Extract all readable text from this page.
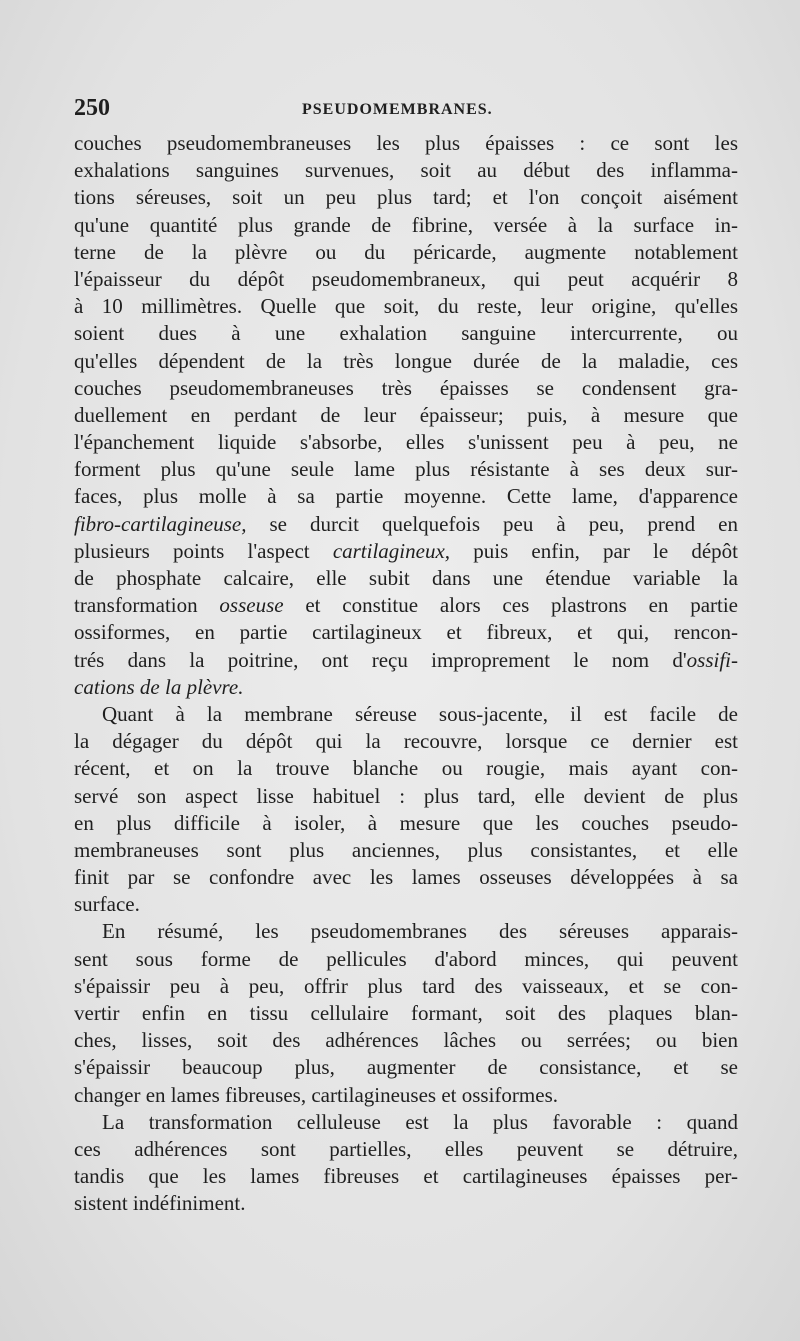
250	PSEUDOMEMBRANES.
couches pseudomembraneuses les plus épaisses : ce sont les
exhalations sanguines survenues, soit au début des inflamma-
tions séreuses, soit un peu plus tard; et l'on conçoit aisément
qu'une quantité plus grande de fibrine, versée à la surface in-
terne de la plèvre ou du péricarde, augmente notablement
l'épaisseur du dépôt pseudomembraneux, qui peut acquérir 8
à 10 millimètres. Quelle que soit, du reste, leur origine, qu'elles
soient dues à une exhalation sanguine intercurrente, ou
qu'elles dépendent de la très longue durée de la maladie, ces
couches pseudomembraneuses très épaisses se condensent gra-
duellement en perdant de leur épaisseur; puis, à mesure que
l'épanchement liquide s'absorbe, elles s'unissent peu à peu, ne
forment plus qu'une seule lame plus résistante à ses deux sur-
faces, plus molle à sa partie moyenne. Cette lame, d'apparence
fibro-cartilagineuse, se durcit quelquefois peu à peu, prend en
plusieurs points l'aspect cartilagineux, puis enfin, par le dépôt
de phosphate calcaire, elle subit dans une étendue variable la
transformation osseuse et constitue alors ces plastrons en partie
ossiformes, en partie cartilagineux et fibreux, et qui, rencon-
trés dans la poitrine, ont reçu improprement le nom d'ossifi-
cations de la plèvre.
Quant à la membrane séreuse sous-jacente, il est facile de
la dégager du dépôt qui la recouvre, lorsque ce dernier est
récent, et on la trouve blanche ou rougie, mais ayant con-
servé son aspect lisse habituel : plus tard, elle devient de plus
en plus difficile à isoler, à mesure que les couches pseudo-
membraneuses sont plus anciennes, plus consistantes, et elle
finit par se confondre avec les lames osseuses développées à sa
surface.
En résumé, les pseudomembranes des séreuses apparais-
sent sous forme de pellicules d'abord minces, qui peuvent
s'épaissir peu à peu, offrir plus tard des vaisseaux, et se con-
vertir enfin en tissu cellulaire formant, soit des plaques blan-
ches, lisses, soit des adhérences lâches ou serrées; ou bien
s'épaissir beaucoup plus, augmenter de consistance, et se
changer en lames fibreuses, cartilagineuses et ossiformes.
La transformation celluleuse est la plus favorable : quand
ces adhérences sont partielles, elles peuvent se détruire,
tandis que les lames fibreuses et cartilagineuses épaisses per-
sistent indéfiniment.
